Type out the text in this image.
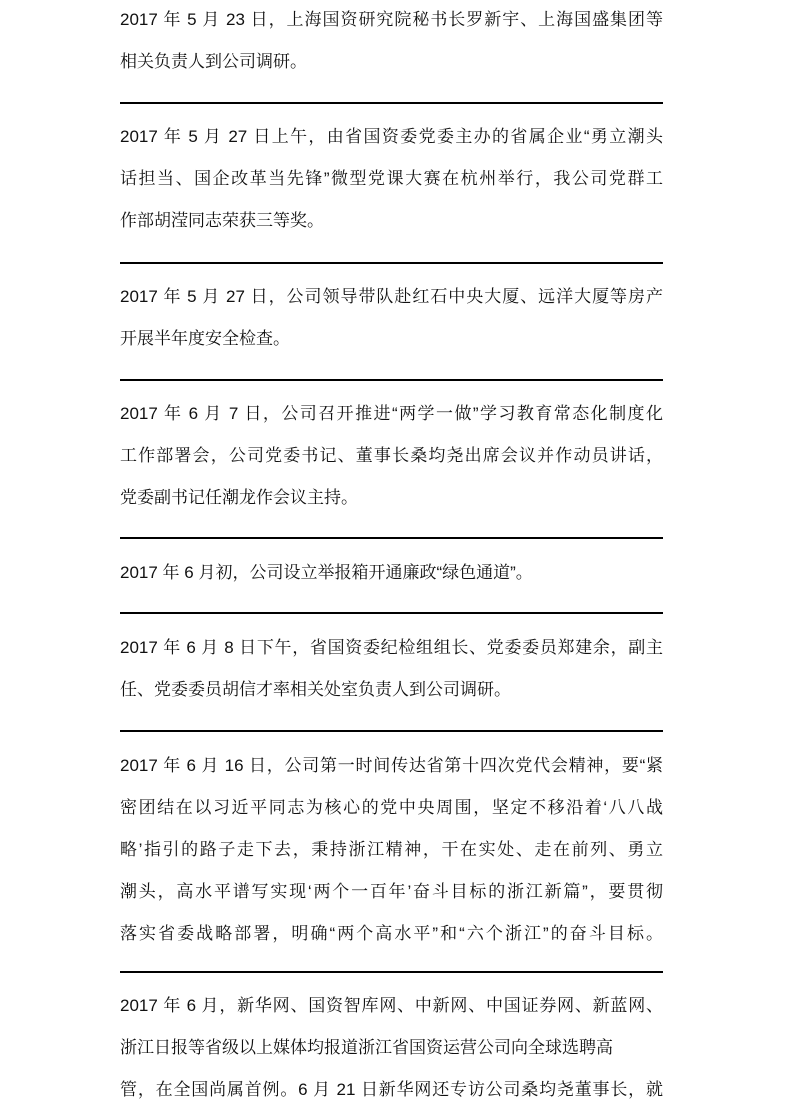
2017 年 5 月 23 日，上海国资研究院秘书长罗新宇、上海国盛集团等
相关负责人到公司调研。
2017 年 5 月 27 日上午，由省国资委党委主办的省属企业“勇立潮头
话担当、国企改革当先锋”微型党课大赛在杭州举行，我公司党群工
作部胡滢同志荣获三等奖。
2017 年 5 月 27 日，公司领导带队赴红石中央大厦、远洋大厦等房产
开展半年度安全检查。
2017 年 6 月 7 日，公司召开推进“两学一做”学习教育常态化制度化
工作部署会，公司党委书记、董事长桑均尧出席会议并作动员讲话，
党委副书记任潮龙作会议主持。
2017 年 6 月初，公司设立举报箱开通廉政“绿色通道”。
2017 年 6 月 8 日下午，省国资委纪检组组长、党委委员郑建余，副主
任、党委委员胡信才率相关处室负责人到公司调研。
2017 年 6 月 16 日，公司第一时间传达省第十四次党代会精神，要“紧
密团结在以习近平同志为核心的党中央周围，坚定不移沿着‘八八战
略’指引的路子走下去，秉持浙江精神，干在实处、走在前列、勇立
潮头，高水平谱写实现‘两个一百年’奋斗目标的浙江新篇”，要贯彻
落实省委战略部署，明确“两个高水平”和“六个浙江”的奋斗目标。
2017 年 6 月，新华网、国资智库网、中新网、中国证券网、新蓝网、
浙江日报等省级以上媒体均报道浙江省国资运营公司向全球选聘高
管，在全国尚属首例。6 月 21 日新华网还专访公司桑均尧董事长，就
